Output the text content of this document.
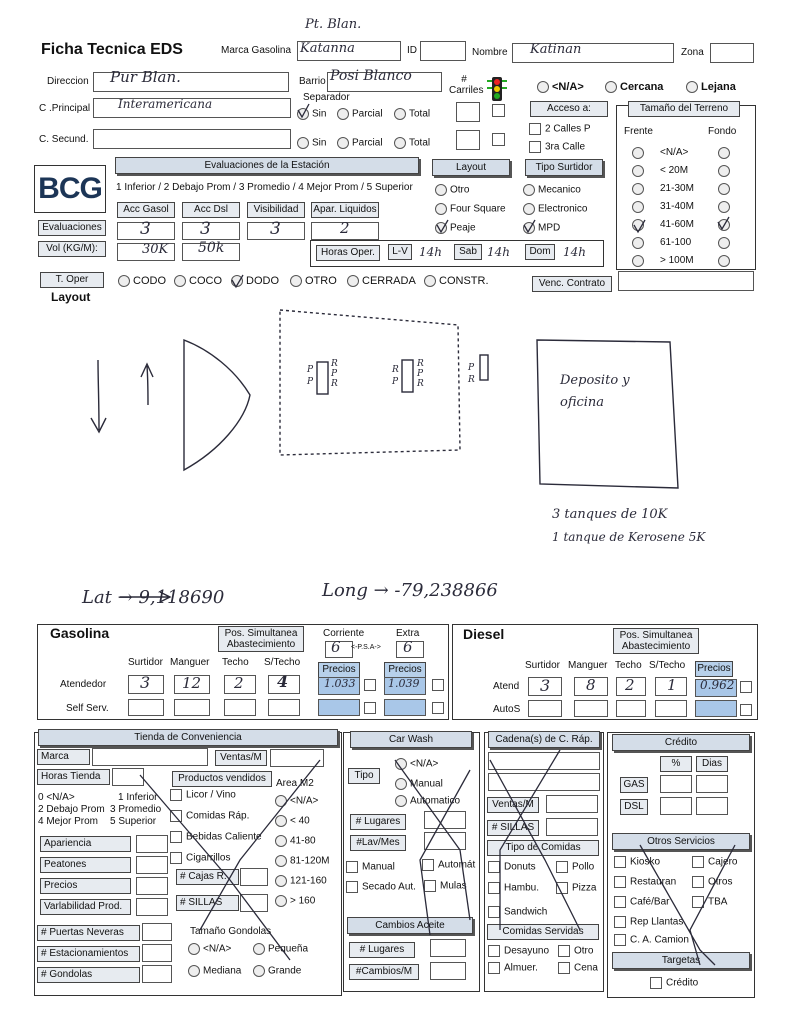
Ficha Tecnica EDS	Marca Gasolina
Pt. Blan.
Katanna	ID	Nombre Katinan	Zona
Direccion Pur Blan.	Barrio Posi Blanco	# Carriles	<N/A>	Cercana	Lejana
C .Principal Interamericana	Separador
Sin	Parcial	Total
Acceso a:
2 Calles P
3ra Calle
C. Secund.	Sin	Parcial	Total
Tamaño del Terreno
Frente	Fondo
<N/A>
< 20M
21-30M
31-40M
41-60M
61-100
> 100M
BCG
Evaluaciones de la Estación
1 Inferior / 2 Debajo Prom / 3 Promedio / 4 Mejor Prom / 5 Superior
Acc Gasol	Acc Dsl	Visibilidad	Apar. Liquidos
Evaluaciones 3	3	3	2
Vol (KG/M):	30K 50k
Layout
Otro
Four Square
Peaje
Tipo Surtidor
Mecanico
Electronico
MPD
Horas Oper.	L-V 14h	Sab 14h	Dom	14h
T. Oper	CODO	COCO	DODO	OTRO	CERRADA	CONSTR.	Venc. Contrato
Layout
P
P
R
P
R
R
P
R
P
R
P
R	Deposito y oficina
3 tanques de 10K
1 tanque de Kerosene 5K
Lat → 9,118690	Long → -79,238866
Gasolina	Pos. Simultanea Abastecimiento
Corriente
6 <-P.S.A->
Extra
6
Surtidor Manguer Techo S/Techo
Precios	Precios
Atendedor 3 12 2 4	1.033	1.039
Self Serv.
Diesel	Pos. Simultanea Abastecimiento
Surtidor Manguer Techo S/Techo Precios
Atend 3 8 2 1 0.962
AutoS
Tienda de Conveniencia
Marca	Ventas/M
Horas Tienda	Productos vendidos	Area M2
0 <N/A>	1 Inferior
2 Debajo Prom 3 Promedio
4 Mejor Prom 5 Superior
Licor / Vino
Comidas Ráp.
Bebidas Caliente
Cigarrillos
<N/A>
< 40
41-80
81-120M
121-160
> 160
Apariencia
Peatones
Precios
Varlabilidad Prod.
# Cajas R.
# SILLAS
# Puertas Neveras
# Estacionamientos
# Gondolas
Tamaño Gondolas
<N/A>	Pequeña
Mediana	Grande
Car Wash
Tipo
<N/A>
Manual
Automatico
# Lugares
#Lav/Mes
Manual	Automát
Secado Aut.	Mulas
Cambios Aceite
# Lugares
#Cambios/M
Cadena(s) de C. Ráp.
Ventas/M
# SILLAS
Tipo de Comidas
Donuts	Pollo
Hambu.	Pizza
Sandwich
Comidas Servidas
Desayuno	Otro
Almuer.	Cena
Crédito
%	Dias
GAS
DSL
Otros Servicios
Kiosko	Cajero
Restauran	Otros
Café/Bar	TBA
Rep Llantas
C. A. Camion
Targetas
Crédito
